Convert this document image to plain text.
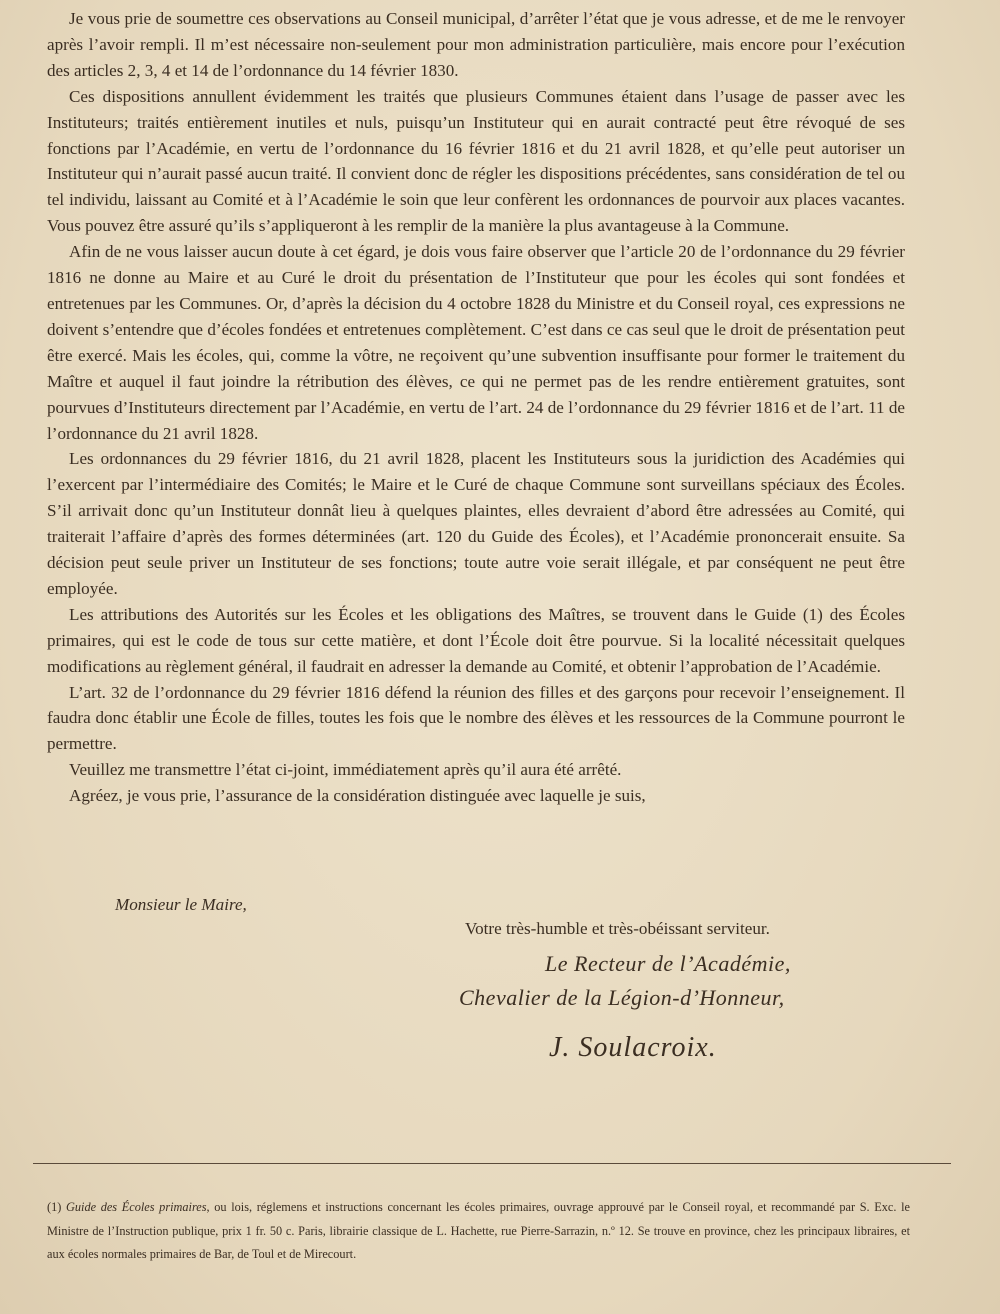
Je vous prie de soumettre ces observations au Conseil municipal, d’arrêter l’état que je vous adresse, et de me le renvoyer après l’avoir rempli. Il m’est nécessaire non-seulement pour mon administration particulière, mais encore pour l’exécution des articles 2, 3, 4 et 14 de l’ordonnance du 14 février 1830.

Ces dispositions annullent évidemment les traités que plusieurs Communes étaient dans l’usage de passer avec les Instituteurs; traités entièrement inutiles et nuls, puisqu’un Instituteur qui en aurait contracté peut être révoqué de ses fonctions par l’Académie, en vertu de l’ordonnance du 16 février 1816 et du 21 avril 1828, et qu’elle peut autoriser un Instituteur qui n’aurait passé aucun traité. Il convient donc de régler les dispositions précédentes, sans considération de tel ou tel individu, laissant au Comité et à l’Académie le soin que leur confèrent les ordonnances de pourvoir aux places vacantes. Vous pouvez être assuré qu’ils s’appliqueront à les remplir de la manière la plus avantageuse à la Commune.

Afin de ne vous laisser aucun doute à cet égard, je dois vous faire observer que l’article 20 de l’ordonnance du 29 février 1816 ne donne au Maire et au Curé le droit du présentation de l’Instituteur que pour les écoles qui sont fondées et entretenues par les Communes. Or, d’après la décision du 4 octobre 1828 du Ministre et du Conseil royal, ces expressions ne doivent s’entendre que d’écoles fondées et entretenues complètement. C’est dans ce cas seul que le droit de présentation peut être exercé. Mais les écoles, qui, comme la vôtre, ne reçoivent qu’une subvention insuffisante pour former le traitement du Maître et auquel il faut joindre la rétribution des élèves, ce qui ne permet pas de les rendre entièrement gratuites, sont pourvues d’Instituteurs directement par l’Académie, en vertu de l’art. 24 de l’ordonnance du 29 février 1816 et de l’art. 11 de l’ordonnance du 21 avril 1828.

Les ordonnances du 29 février 1816, du 21 avril 1828, placent les Instituteurs sous la juridiction des Académies qui l’exercent par l’intermédiaire des Comités; le Maire et le Curé de chaque Commune sont surveillans spéciaux des Écoles. S’il arrivait donc qu’un Instituteur donnât lieu à quelques plaintes, elles devraient d’abord être adressées au Comité, qui traiterait l’affaire d’après des formes déterminées (art. 120 du Guide des Écoles), et l’Académie prononcerait ensuite. Sa décision peut seule priver un Instituteur de ses fonctions; toute autre voie serait illégale, et par conséquent ne peut être employée.

Les attributions des Autorités sur les Écoles et les obligations des Maîtres, se trouvent dans le Guide (1) des Écoles primaires, qui est le code de tous sur cette matière, et dont l’École doit être pourvue. Si la localité nécessitait quelques modifications au règlement général, il faudrait en adresser la demande au Comité, et obtenir l’approbation de l’Académie.

L’art. 32 de l’ordonnance du 29 février 1816 défend la réunion des filles et des garçons pour recevoir l’enseignement. Il faudra donc établir une École de filles, toutes les fois que le nombre des élèves et les ressources de la Commune pourront le permettre.

Veuillez me transmettre l’état ci-joint, immédiatement après qu’il aura été arrêté.

Agréez, je vous prie, l’assurance de la considération distinguée avec laquelle je suis,

Monsieur le Maire,
Votre très-humble et très-obéissant serviteur.
Le Recteur de l’Académie,
Chevalier de la Légion-d’Honneur,
J. Soulacroix.
(1) Guide des Écoles primaires, ou lois, réglemens et instructions concernant les écoles primaires, ouvrage approuvé par le Conseil royal, et recommandé par S. Exc. le Ministre de l’Instruction publique, prix 1 fr. 50 c. Paris, librairie classique de L. Hachette, rue Pierre-Sarrazin, n.º 12. Se trouve en province, chez les principaux libraires, et aux écoles normales primaires de Bar, de Toul et de Mirecourt.
